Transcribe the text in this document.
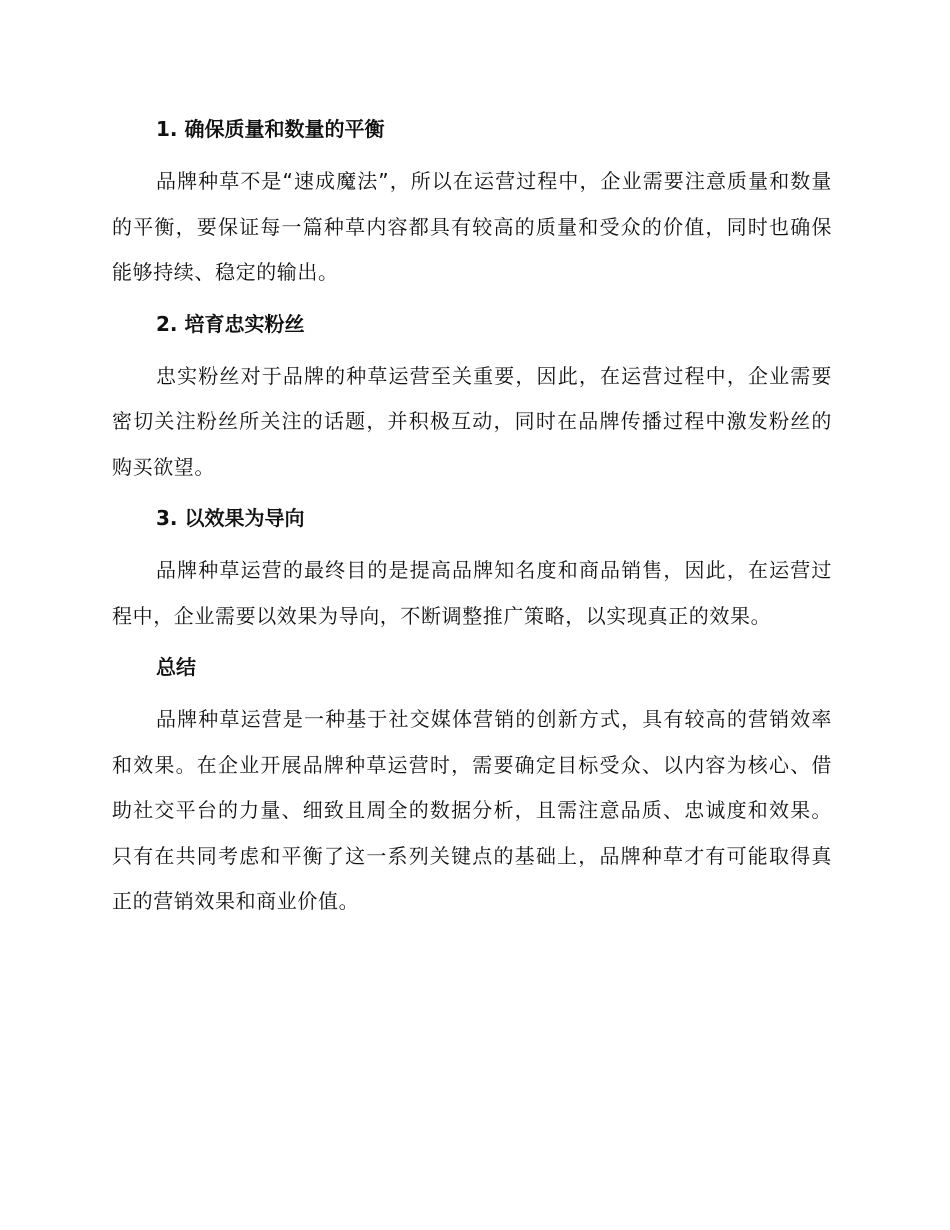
1. 确保质量和数量的平衡

品牌种草不是“速成魔法”，所以在运营过程中，企业需要注意质量和数量的平衡，要保证每一篇种草内容都具有较高的质量和受众的价值，同时也确保能够持续、稳定的输出。

2. 培育忠实粉丝

忠实粉丝对于品牌的种草运营至关重要，因此，在运营过程中，企业需要密切关注粉丝所关注的话题，并积极互动，同时在品牌传播过程中激发粉丝的购买欲望。

3. 以效果为导向

品牌种草运营的最终目的是提高品牌知名度和商品销售，因此，在运营过程中，企业需要以效果为导向，不断调整推广策略，以实现真正的效果。

总结

品牌种草运营是一种基于社交媒体营销的创新方式，具有较高的营销效率和效果。在企业开展品牌种草运营时，需要确定目标受众、以内容为核心、借助社交平台的力量、细致且周全的数据分析，且需注意品质、忠诚度和效果。只有在共同考虑和平衡了这一系列关键点的基础上，品牌种草才有可能取得真正的营销效果和商业价值。
